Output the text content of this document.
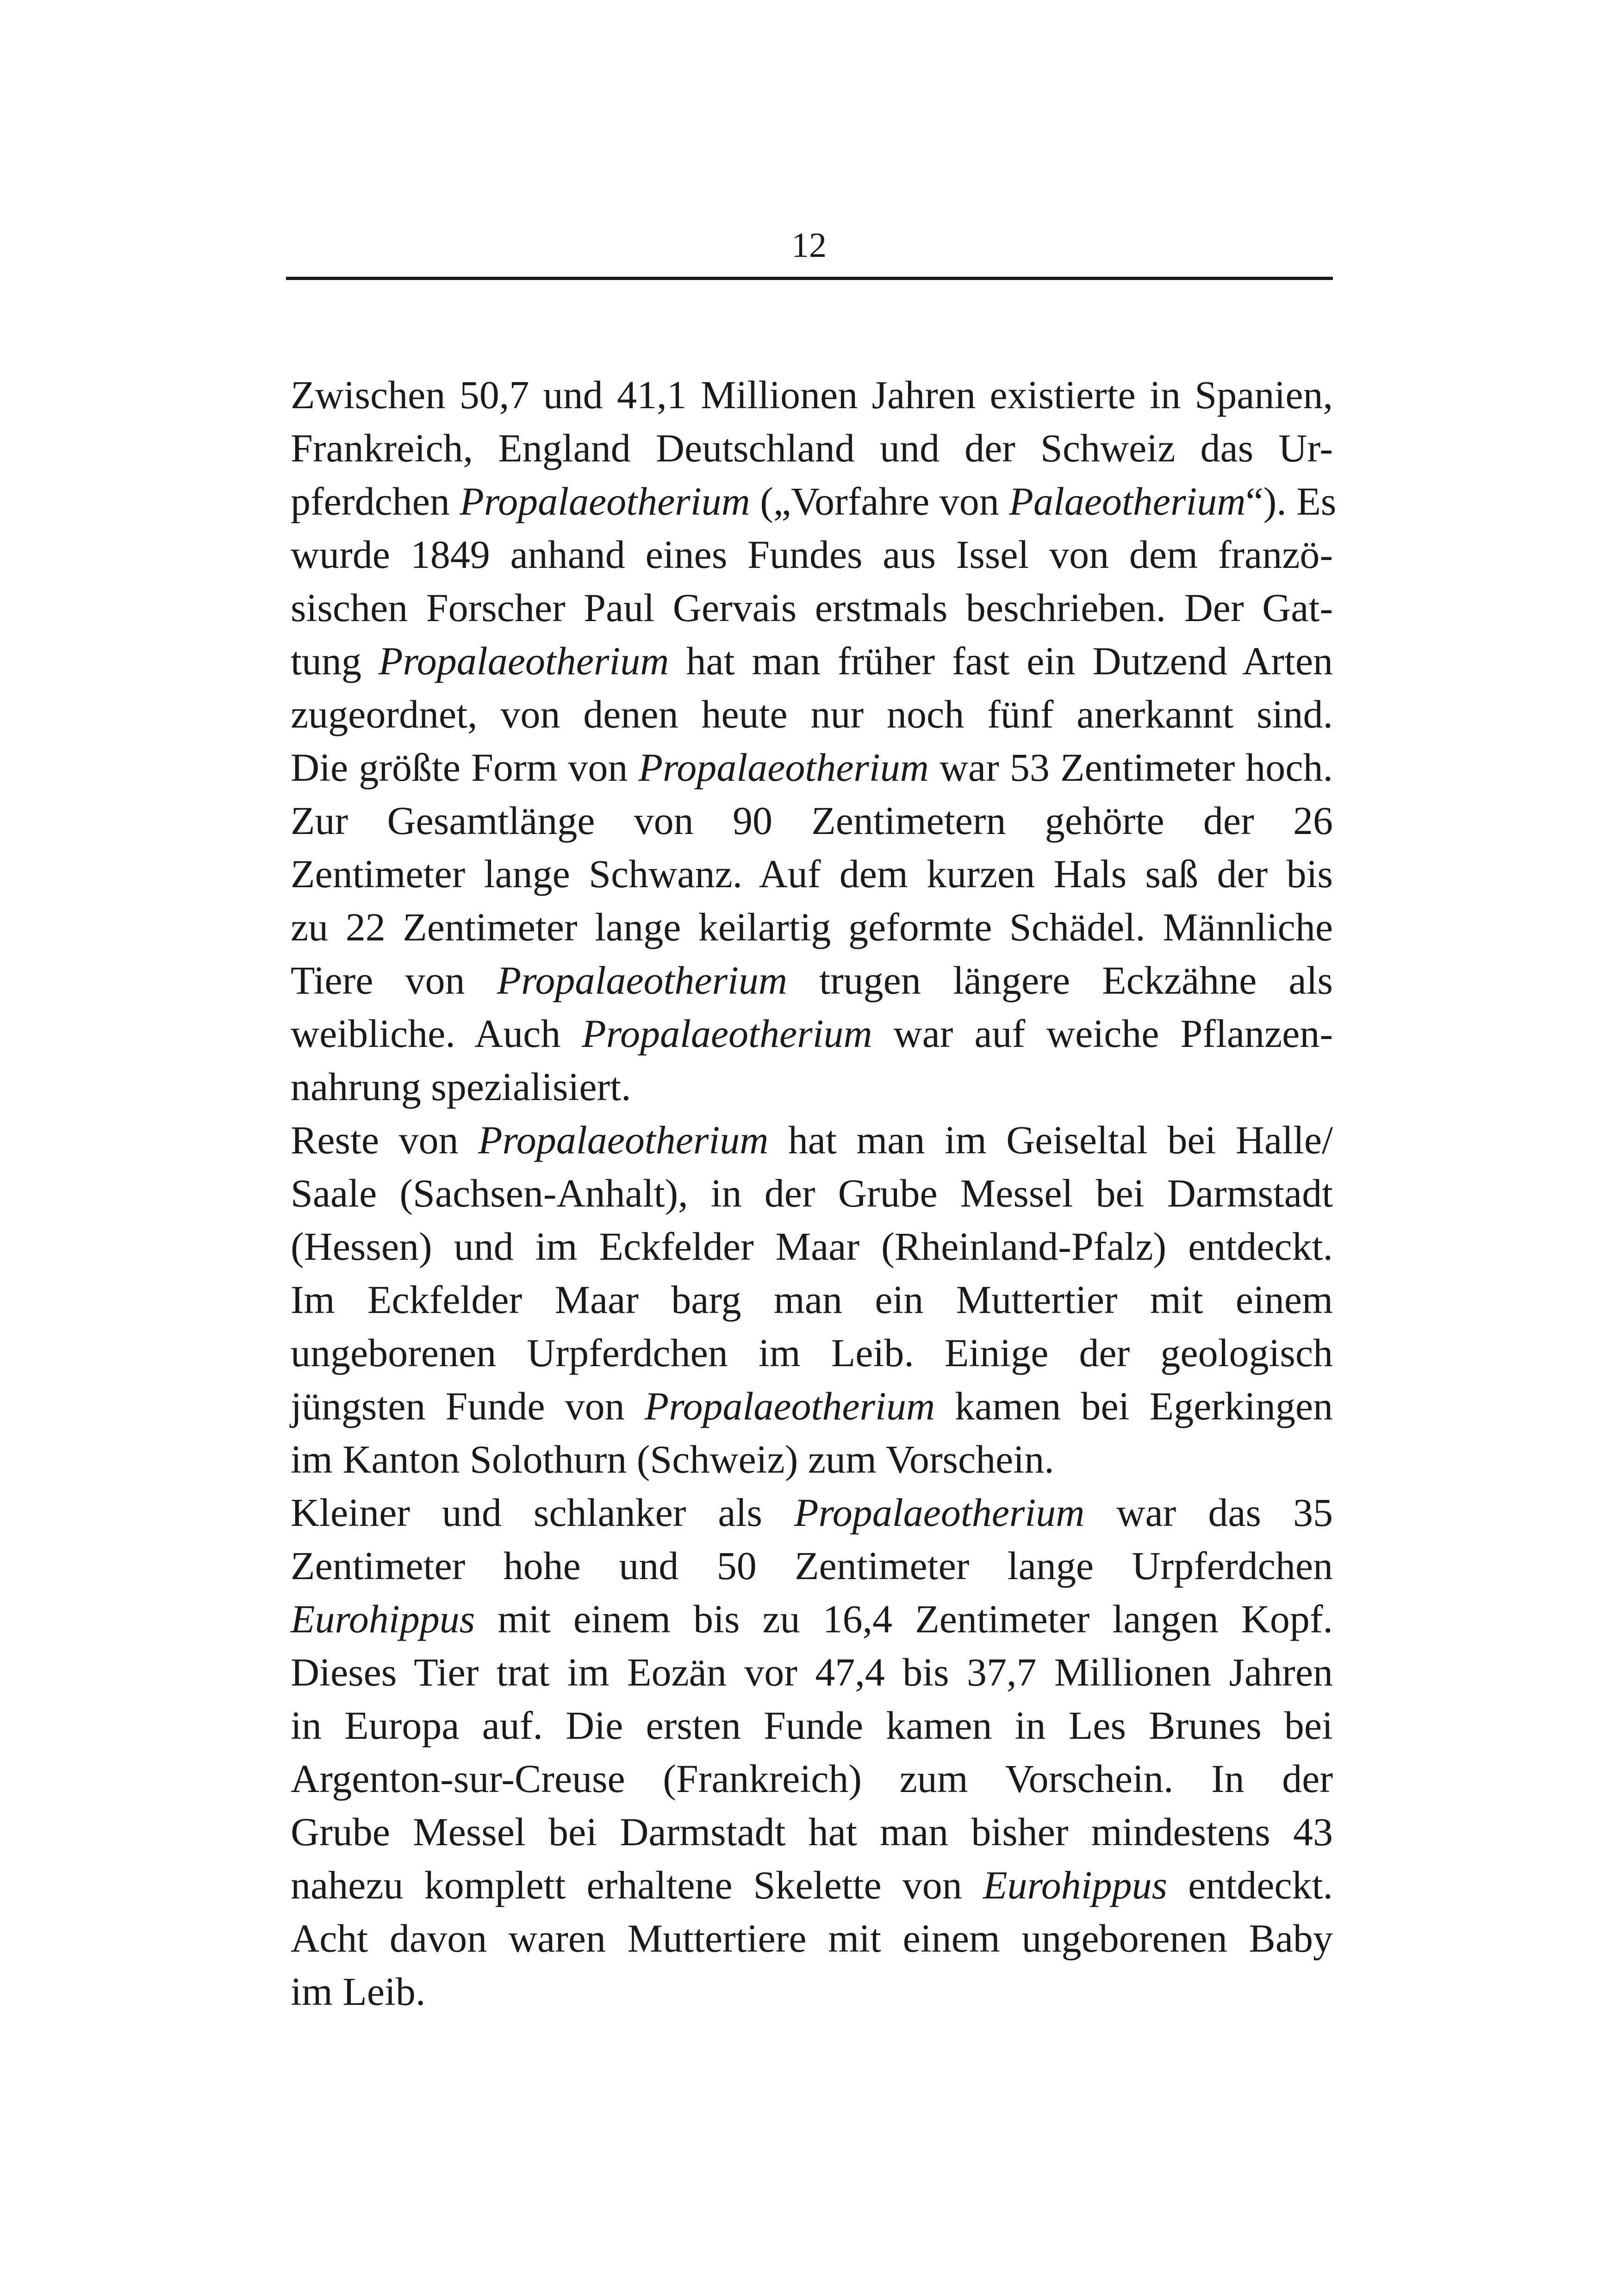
12
Zwischen 50,7 und 41,1 Millionen Jahren existierte in Spanien,
Frankreich, England Deutschland und der Schweiz das Ur-
pferdchen Propalaeotherium („Vorfahre von Palaeotherium“). Es
wurde 1849 anhand eines Fundes aus Issel von dem franzö-
sischen Forscher Paul Gervais erstmals beschrieben. Der Gat-
tung Propalaeotherium hat man früher fast ein Dutzend Arten
zugeordnet, von denen heute nur noch fünf anerkannt sind.
Die größte Form von Propalaeotherium war 53 Zentimeter hoch.
Zur Gesamtlänge von 90 Zentimetern gehörte der 26
Zentimeter lange Schwanz. Auf dem kurzen Hals saß der bis
zu 22 Zentimeter lange keilartig geformte Schädel. Männliche
Tiere von Propalaeotherium trugen längere Eckzähne als
weibliche. Auch Propalaeotherium war auf weiche Pflanzen-
nahrung spezialisiert.
Reste von Propalaeotherium hat man im Geiseltal bei Halle/
Saale (Sachsen-Anhalt), in der Grube Messel bei Darmstadt
(Hessen) und im Eckfelder Maar (Rheinland-Pfalz) entdeckt.
Im Eckfelder Maar barg man ein Muttertier mit einem
ungeborenen Urpferdchen im Leib. Einige der geologisch
jüngsten Funde von Propalaeotherium kamen bei Egerkingen
im Kanton Solothurn (Schweiz) zum Vorschein.
Kleiner und schlanker als Propalaeotherium war das 35
Zentimeter hohe und 50 Zentimeter lange Urpferdchen
Eurohippus mit einem bis zu 16,4 Zentimeter langen Kopf.
Dieses Tier trat im Eozän vor 47,4 bis 37,7 Millionen Jahren
in Europa auf. Die ersten Funde kamen in Les Brunes bei
Argenton-sur-Creuse (Frankreich) zum Vorschein. In der
Grube Messel bei Darmstadt hat man bisher mindestens 43
nahezu komplett erhaltene Skelette von Eurohippus entdeckt.
Acht davon waren Muttertiere mit einem ungeborenen Baby
im Leib.
